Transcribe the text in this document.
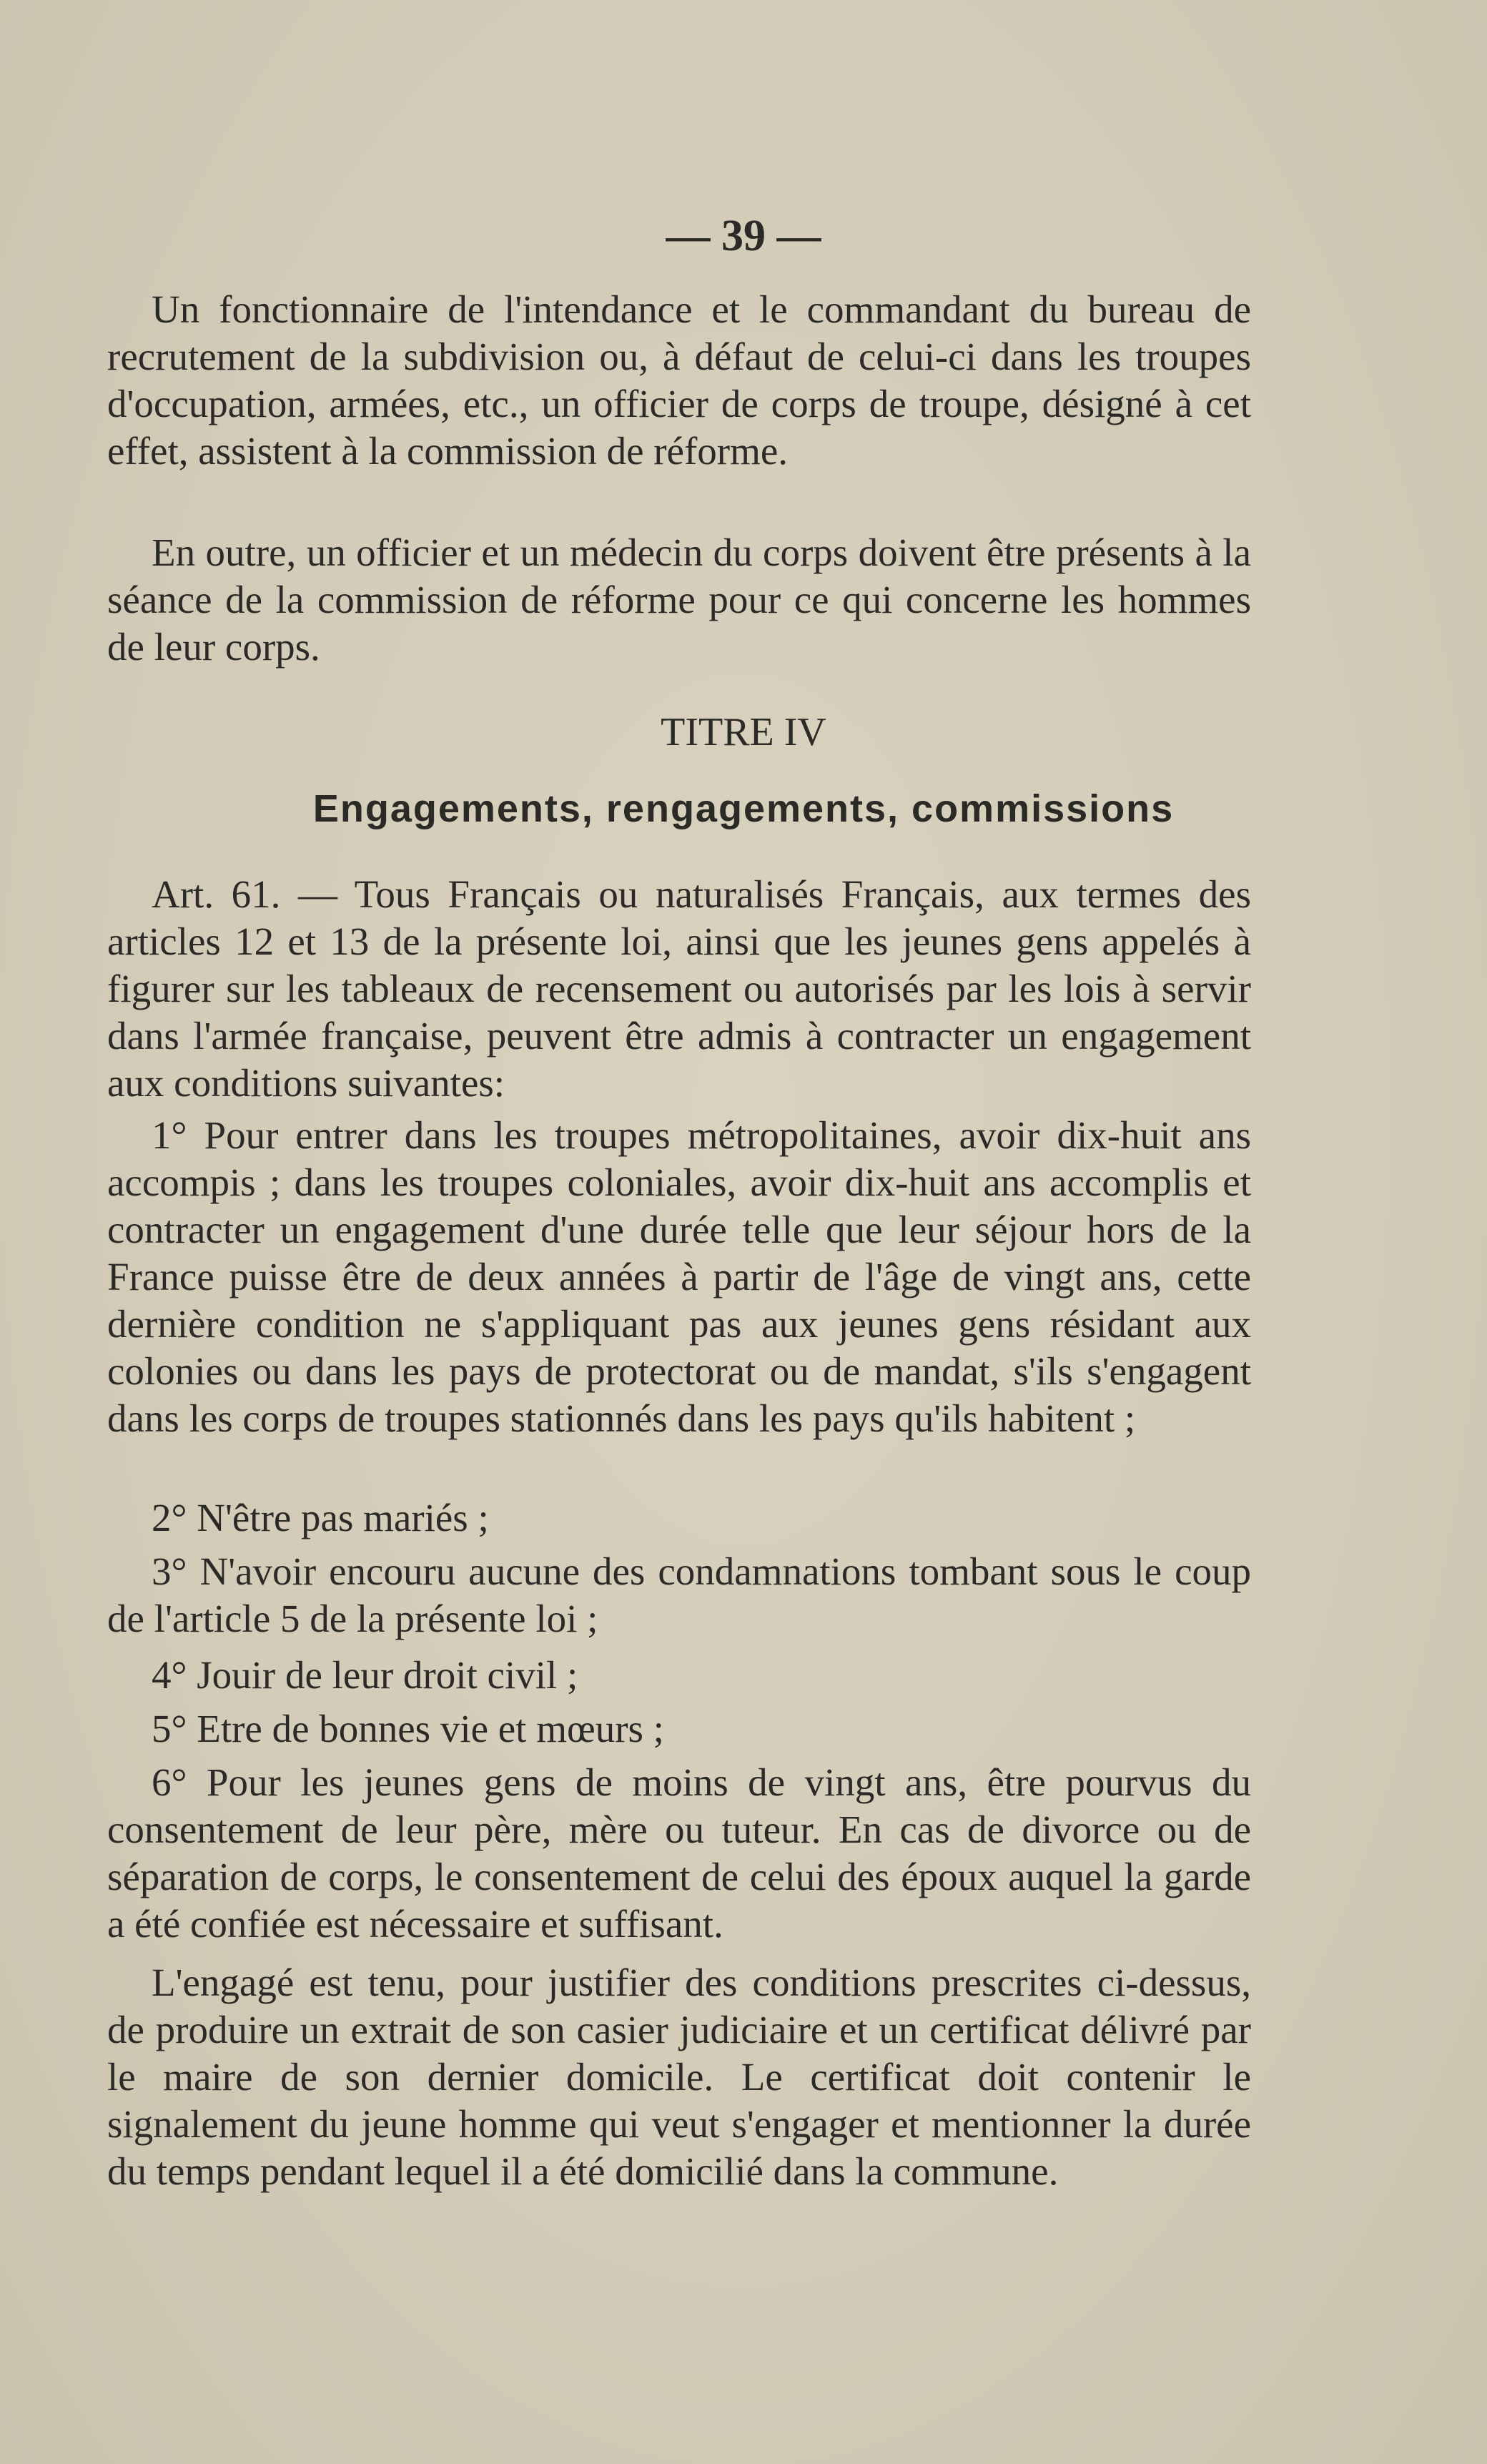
— 39 —

Un fonctionnaire de l'intendance et le commandant du bureau de recrutement de la subdivision ou, à défaut de celui-ci dans les troupes d'occupation, armées, etc., un officier de corps de troupe, désigné à cet effet, assistent à la commission de réforme.

En outre, un officier et un médecin du corps doivent être présents à la séance de la commission de réforme pour ce qui concerne les hommes de leur corps.

TITRE IV
Engagements, rengagements, commissions

Art. 61. — Tous Français ou naturalisés Français, aux termes des articles 12 et 13 de la présente loi, ainsi que les jeunes gens appelés à figurer sur les tableaux de recensement ou autorisés par les lois à servir dans l'armée française, peuvent être admis à contracter un engagement aux conditions suivantes:

1° Pour entrer dans les troupes métropolitaines, avoir dix-huit ans accompis ; dans les troupes coloniales, avoir dix-huit ans accomplis et contracter un engagement d'une durée telle que leur séjour hors de la France puisse être de deux années à partir de l'âge de vingt ans, cette dernière condition ne s'appliquant pas aux jeunes gens résidant aux colonies ou dans les pays de protectorat ou de mandat, s'ils s'engagent dans les corps de troupes stationnés dans les pays qu'ils habitent ;

2° N'être pas mariés ;

3° N'avoir encouru aucune des condamnations tombant sous le coup de l'article 5 de la présente loi ;

4° Jouir de leur droit civil ;

5° Etre de bonnes vie et mœurs ;

6° Pour les jeunes gens de moins de vingt ans, être pourvus du consentement de leur père, mère ou tuteur. En cas de divorce ou de séparation de corps, le consentement de celui des époux auquel la garde a été confiée est nécessaire et suffisant.

L'engagé est tenu, pour justifier des conditions prescrites ci-dessus, de produire un extrait de son casier judiciaire et un certificat délivré par le maire de son dernier domicile. Le certificat doit contenir le signalement du jeune homme qui veut s'engager et mentionner la durée du temps pendant lequel il a été domicilié dans la commune.
